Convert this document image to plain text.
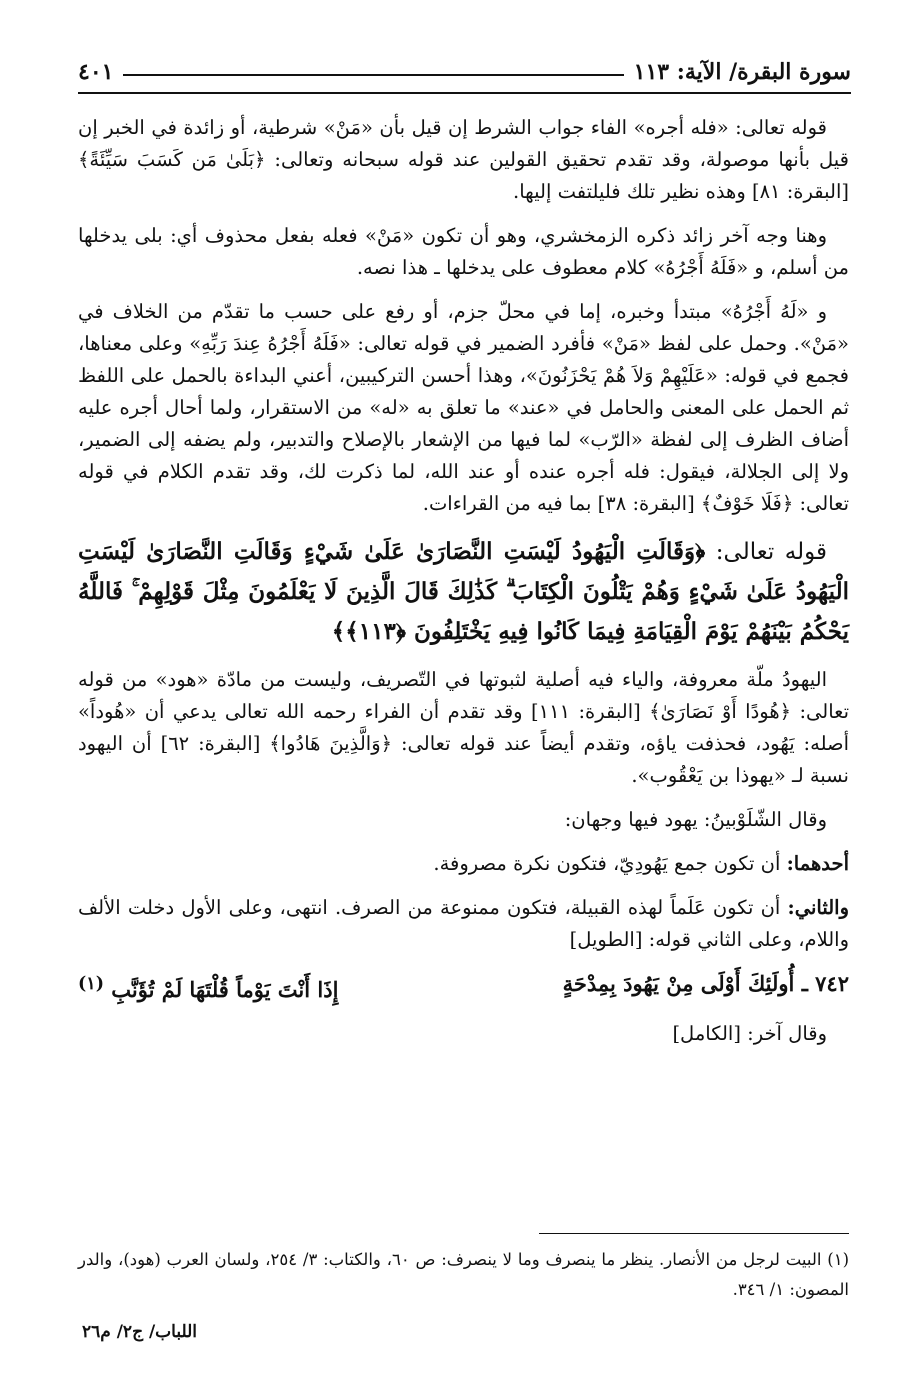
سورة البقرة/ الآية: ١١٣
٤٠١

قوله تعالى: «فله أجره» الفاء جواب الشرط إن قيل بأن «مَنْ» شرطية، أو زائدة في الخبر إن قيل بأنها موصولة، وقد تقدم تحقيق القولين عند قوله سبحانه وتعالى: ﴿بَلَىٰ مَن كَسَبَ سَيِّئَةً﴾ [البقرة: ٨١] وهذه نظير تلك فليلتفت إليها.

وهنا وجه آخر زائد ذكره الزمخشري، وهو أن تكون «مَنْ» فعله بفعل محذوف أي: بلى يدخلها من أسلم، و «فَلَهُ أَجْرُهُ» كلام معطوف على يدخلها ـ هذا نصه.

و «لَهُ أَجْرُهُ» مبتدأ وخبره، إما في محلّ جزم، أو رفع على حسب ما تقدّم من الخلاف في «مَنْ». وحمل على لفظ «مَنْ» فأفرد الضمير في قوله تعالى: «فَلَهُ أَجْرُهُ عِندَ رَبِّهِ» وعلى معناها، فجمع في قوله: «عَلَيْهِمْ وَلاَ هُمْ يَحْزَنُونَ»، وهذا أحسن التركيبين، أعني البداءة بالحمل على اللفظ ثم الحمل على المعنى والحامل في «عند» ما تعلق به «له» من الاستقرار، ولما أحال أجره عليه أضاف الظرف إلى لفظة «الرّب» لما فيها من الإشعار بالإصلاح والتدبير، ولم يضفه إلى الضمير، ولا إلى الجلالة، فيقول: فله أجره عنده أو عند الله، لما ذكرت لك، وقد تقدم الكلام في قوله تعالى: ﴿فَلَا خَوْفٌ﴾ [البقرة: ٣٨] بما فيه من القراءات.

قوله تعالى: ﴿وَقَالَتِ الْيَهُودُ لَيْسَتِ النَّصَارَىٰ عَلَىٰ شَيْءٍ وَقَالَتِ النَّصَارَىٰ لَيْسَتِ الْيَهُودُ عَلَىٰ شَيْءٍ وَهُمْ يَتْلُونَ الْكِتَابَ ۗ كَذَٰلِكَ قَالَ الَّذِينَ لَا يَعْلَمُونَ مِثْلَ قَوْلِهِمْ ۚ فَاللَّهُ يَحْكُمُ بَيْنَهُمْ يَوْمَ الْقِيَامَةِ فِيمَا كَانُوا فِيهِ يَخْتَلِفُونَ ﴿١١٣﴾﴾

اليهودُ ملّة معروفة، والياء فيه أصلية لثبوتها في التّصريف، وليست من مادّة «هود» من قوله تعالى: ﴿هُودًا أَوْ نَصَارَىٰ﴾ [البقرة: ١١١] وقد تقدم أن الفراء رحمه الله تعالى يدعي أن «هُوداً» أصله: يَهُود، فحذفت ياؤه، وتقدم أيضاً عند قوله تعالى: ﴿وَالَّذِينَ هَادُوا﴾ [البقرة: ٦٢] أن اليهود نسبة لـ «يهوذا بن يَعْقُوب».

وقال الشّلَوْبينُ: يهود فيها وجهان:

أحدهما: أن تكون جمع يَهُودِيّ، فتكون نكرة مصروفة.

والثاني: أن تكون عَلَماً لهذه القبيلة، فتكون ممنوعة من الصرف. انتهى، وعلى الأول دخلت الألف واللام، وعلى الثاني قوله: [الطويل]

٧٤٢ ـ أُولَئِكَ أَوْلَى مِنْ يَهُودَ بِمِدْحَةٍ
إِذَا أَنْتَ يَوْماً قُلْتَهَا لَمْ تُؤَنَّبِ $^{(١)}$

وقال آخر: [الكامل]

(١) البيت لرجل من الأنصار. ينظر ما ينصرف وما لا ينصرف: ص ٦٠، والكتاب: ٣/ ٢٥٤، ولسان العرب (هود)، والدر المصون: ١/ ٣٤٦.
اللباب/ ج٢/ م٢٦
